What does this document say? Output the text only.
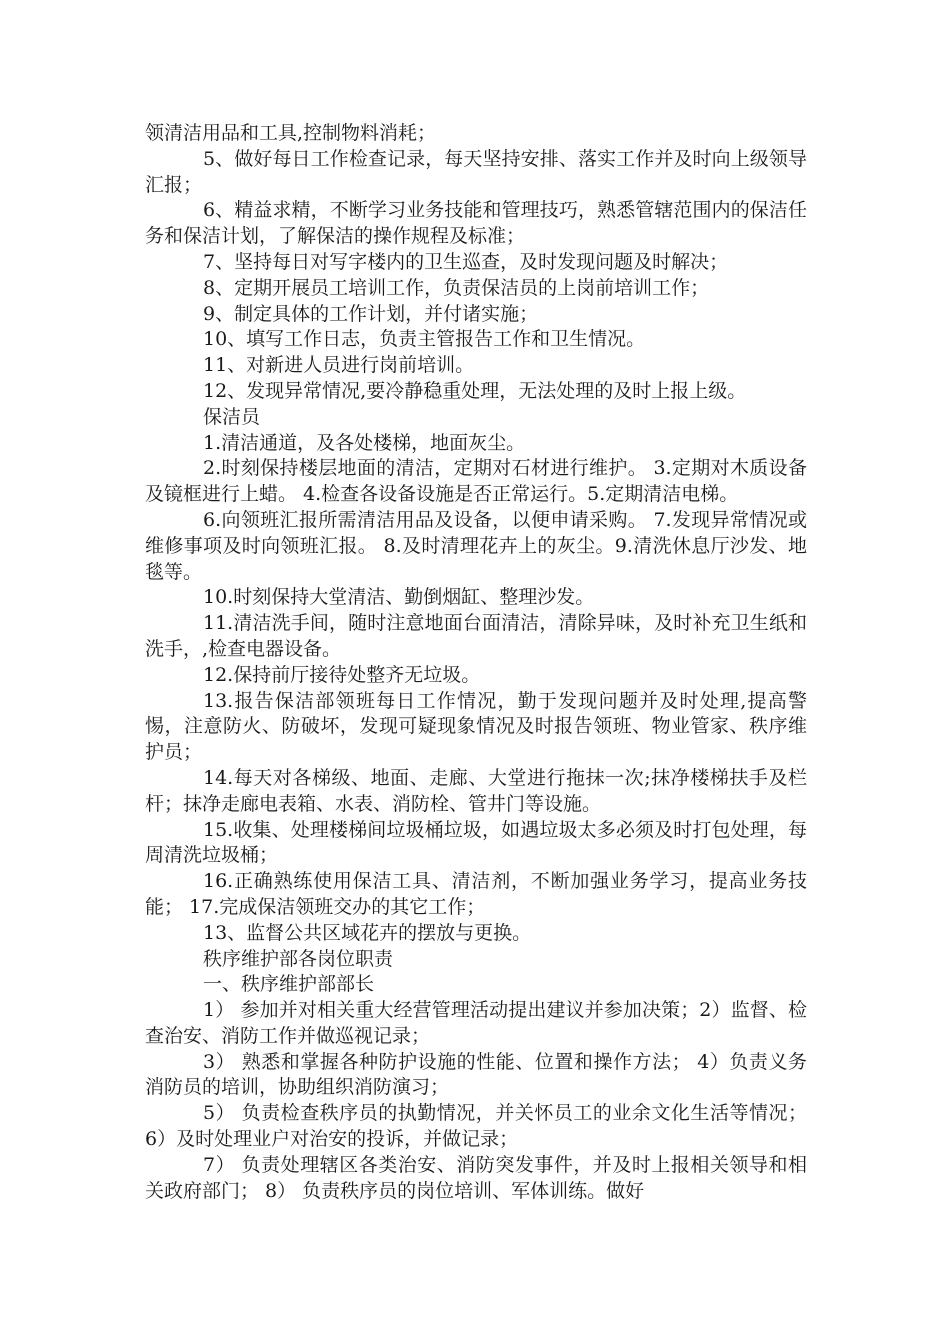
领清洁用品和工具,控制物料消耗；

5、做好每日工作检查记录，每天坚持安排、落实工作并及时向上级领导汇报；

6、精益求精，不断学习业务技能和管理技巧，熟悉管辖范围内的保洁任务和保洁计划，了解保洁的操作规程及标准；

7、坚持每日对写字楼内的卫生巡查，及时发现问题及时解决；

8、定期开展员工培训工作，负责保洁员的上岗前培训工作；

9、制定具体的工作计划，并付诸实施；

10、填写工作日志，负责主管报告工作和卫生情况。

11、对新进人员进行岗前培训。

12、发现异常情况,要冷静稳重处理，无法处理的及时上报上级。

保洁员

1.清洁通道，及各处楼梯，地面灰尘。

2.时刻保持楼层地面的清洁，定期对石材进行维护。 3.定期对木质设备及镜框进行上蜡。 4.检查各设备设施是否正常运行。5.定期清洁电梯。

6.向领班汇报所需清洁用品及设备，以便申请采购。 7.发现异常情况或维修事项及时向领班汇报。 8.及时清理花卉上的灰尘。9.清洗休息厅沙发、地毯等。

10.时刻保持大堂清洁、勤倒烟缸、整理沙发。

11.清洁洗手间，随时注意地面台面清洁，清除异味，及时补充卫生纸和洗手，,检查电器设备。

12.保持前厅接待处整齐无垃圾。

13.报告保洁部领班每日工作情况，勤于发现问题并及时处理,提高警惕，注意防火、防破坏，发现可疑现象情况及时报告领班、物业管家、秩序维护员；

14.每天对各梯级、地面、走廊、大堂进行拖抹一次;抹净楼梯扶手及栏杆；抹净走廊电表箱、水表、消防栓、管井门等设施。

15.收集、处理楼梯间垃圾桶垃圾，如遇垃圾太多必须及时打包处理，每周清洗垃圾桶；

16.正确熟练使用保洁工具、清洁剂，不断加强业务学习，提高业务技能； 17.完成保洁领班交办的其它工作；

13、监督公共区域花卉的摆放与更换。

秩序维护部各岗位职责

一、秩序维护部部长

1） 参加并对相关重大经营管理活动提出建议并参加决策；2）监督、检查治安、消防工作并做巡视记录；

3） 熟悉和掌握各种防护设施的性能、位置和操作方法； 4）负责义务消防员的培训，协助组织消防演习；

5） 负责检查秩序员的执勤情况，并关怀员工的业余文化生活等情况； 6）及时处理业户对治安的投诉，并做记录；

7） 负责处理辖区各类治安、消防突发事件，并及时上报相关领导和相关政府部门； 8） 负责秩序员的岗位培训、军体训练。做好
